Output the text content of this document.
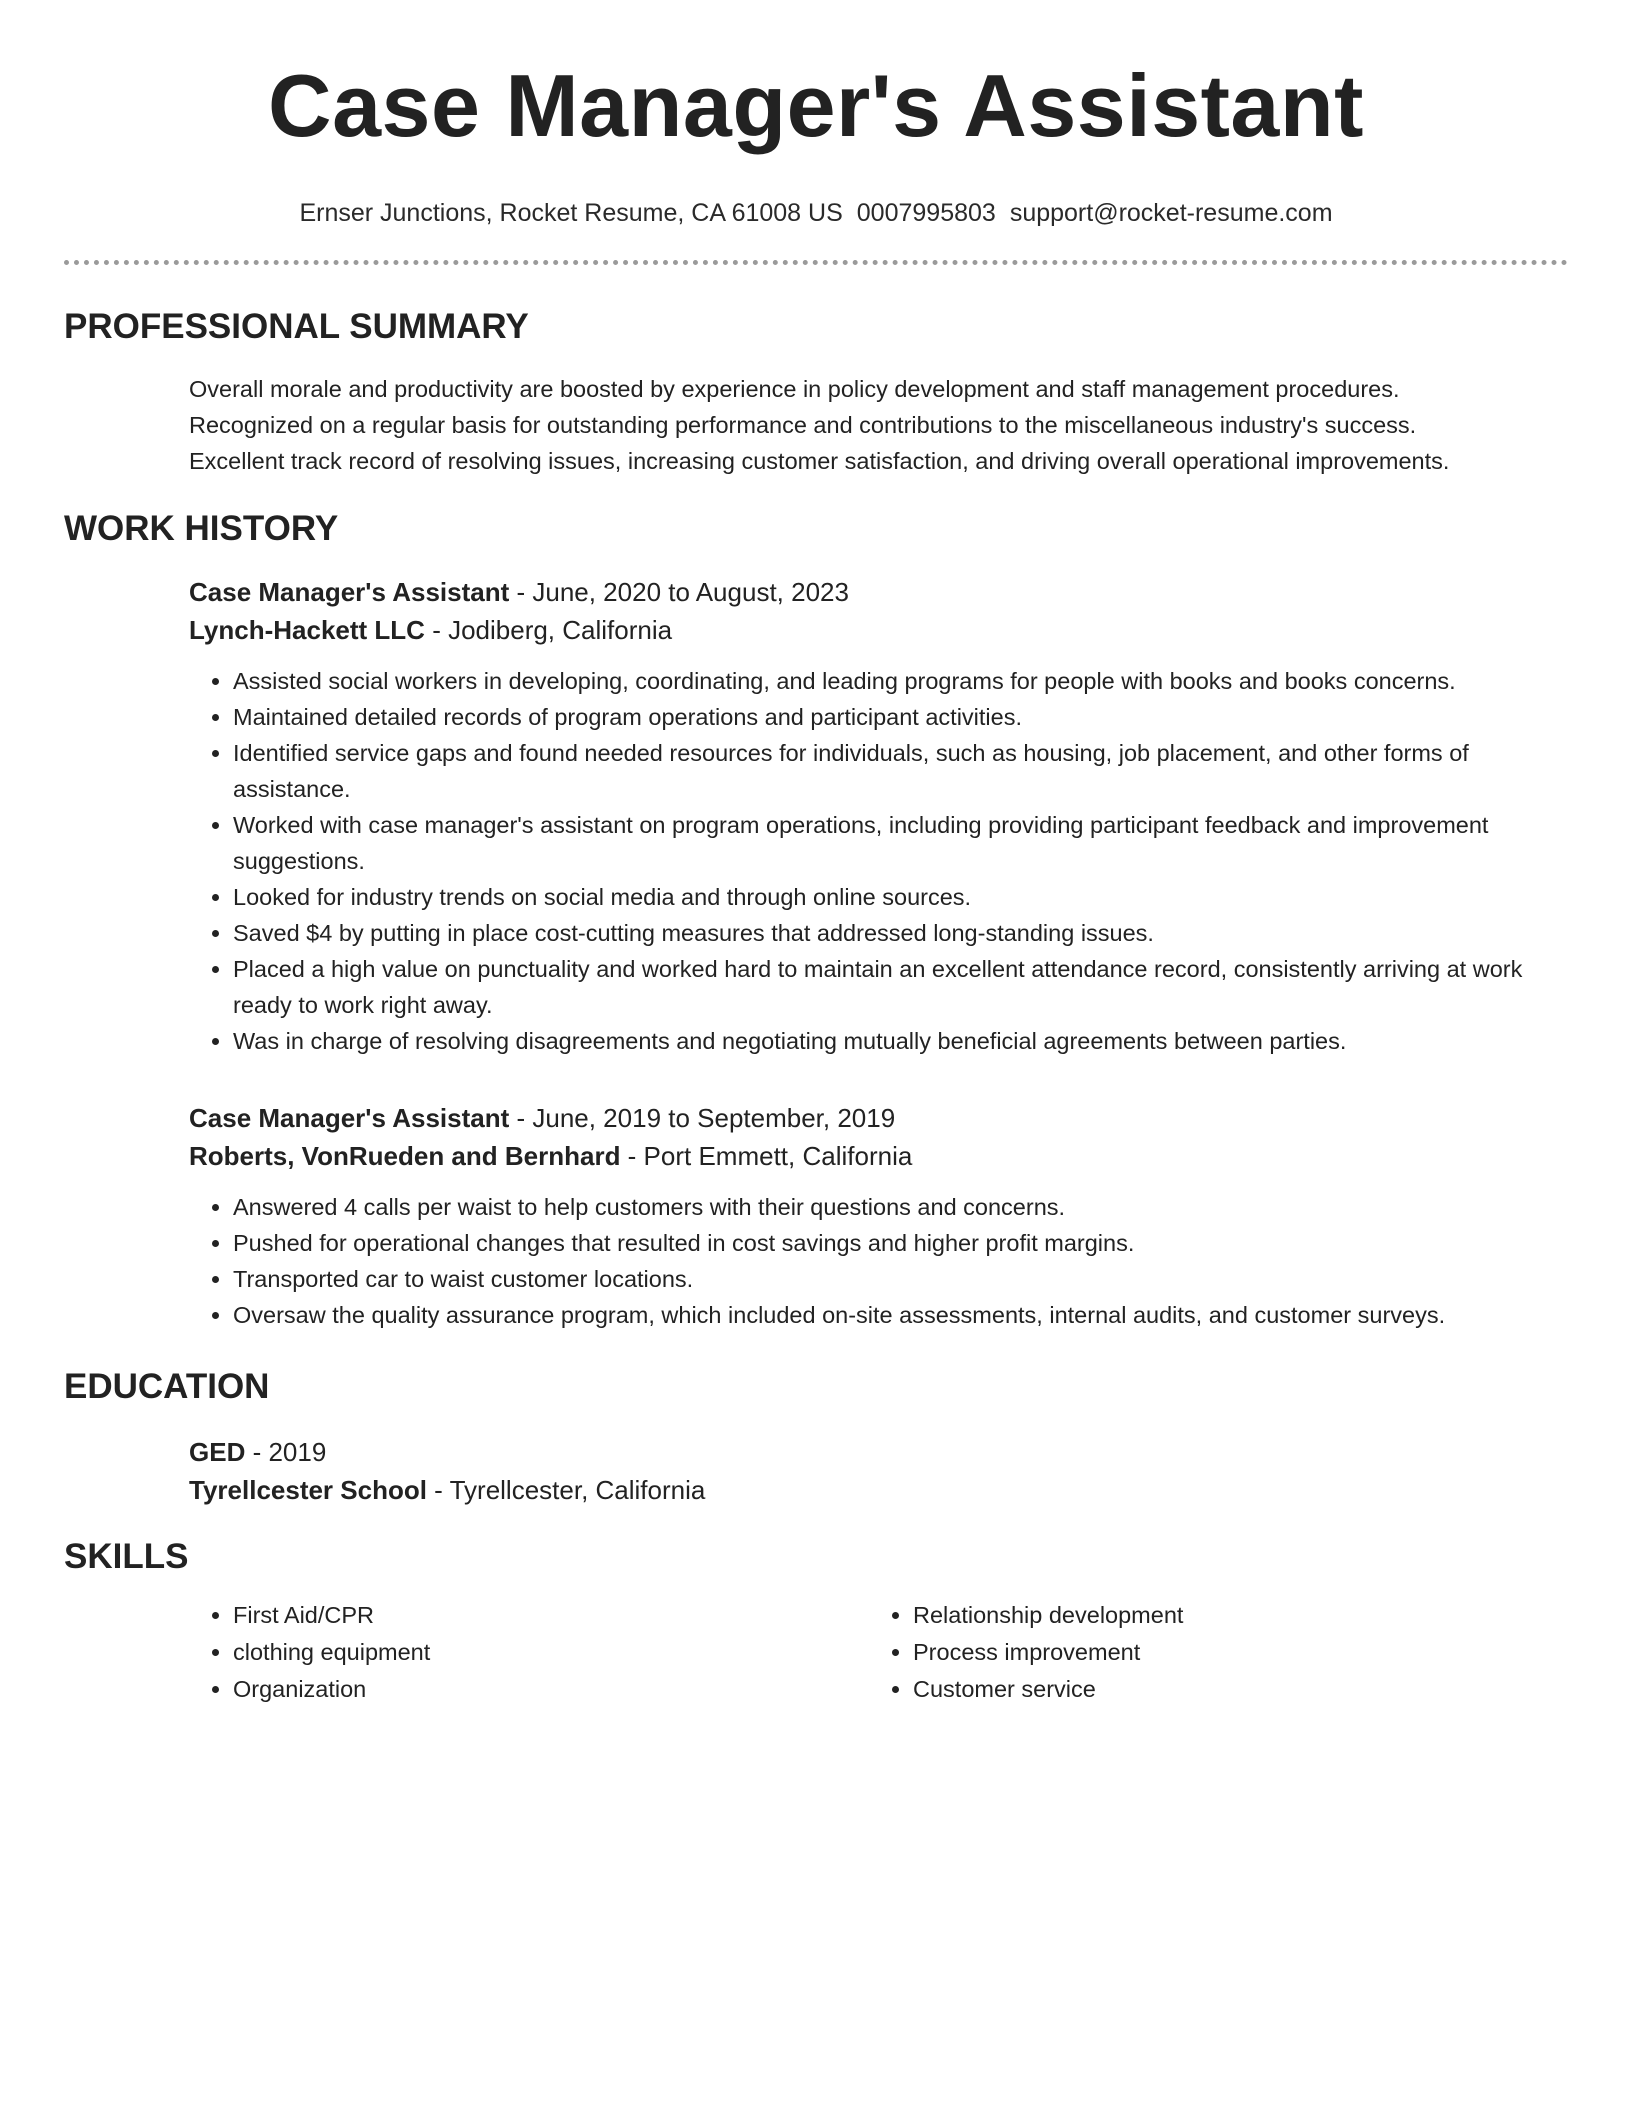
Case Manager's Assistant
Ernser Junctions, Rocket Resume, CA 61008 US 0007995803 support@rocket-resume.com
PROFESSIONAL SUMMARY

Overall morale and productivity are boosted by experience in policy development and staff management procedures.

Recognized on a regular basis for outstanding performance and contributions to the miscellaneous industry's success.

Excellent track record of resolving issues, increasing customer satisfaction, and driving overall operational improvements.

WORK HISTORY
Case Manager's Assistant - June, 2020 to August, 2023
Lynch-Hackett LLC - Jodiberg, California
• Assisted social workers in developing, coordinating, and leading programs for people with books and books concerns.
• Maintained detailed records of program operations and participant activities.
• Identified service gaps and found needed resources for individuals, such as housing, job placement, and other forms of assistance.
• Worked with case manager's assistant on program operations, including providing participant feedback and improvement suggestions.
• Looked for industry trends on social media and through online sources.
• Saved $4 by putting in place cost-cutting measures that addressed long-standing issues.
• Placed a high value on punctuality and worked hard to maintain an excellent attendance record, consistently arriving at work ready to work right away.
• Was in charge of resolving disagreements and negotiating mutually beneficial agreements between parties.
Case Manager's Assistant - June, 2019 to September, 2019
Roberts, VonRueden and Bernhard - Port Emmett, California
• Answered 4 calls per waist to help customers with their questions and concerns.
• Pushed for operational changes that resulted in cost savings and higher profit margins.
• Transported car to waist customer locations.
• Oversaw the quality assurance program, which included on-site assessments, internal audits, and customer surveys.
EDUCATION
GED - 2019
Tyrellcester School - Tyrellcester, California
SKILLS
• First Aid/CPR
• clothing equipment
• Organization
• Relationship development
• Process improvement
• Customer service
